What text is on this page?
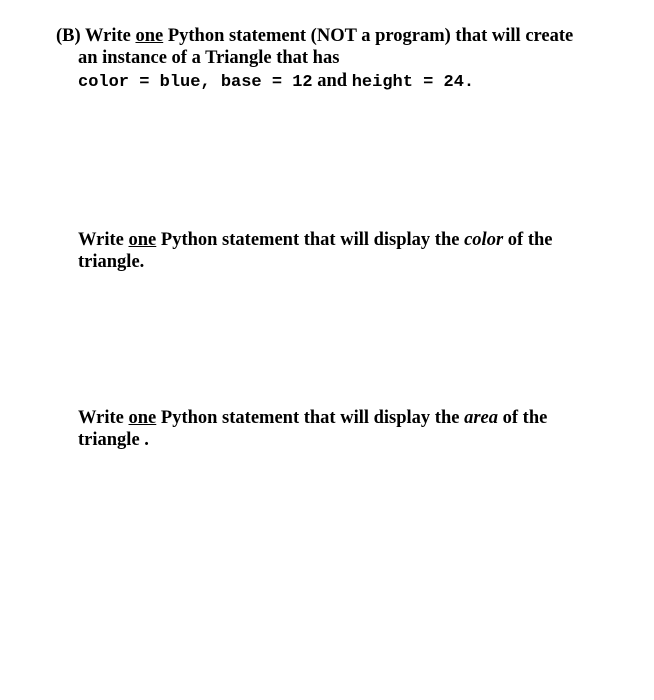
(B) Write one Python statement (NOT a program) that will create
an instance of a Triangle that has
color = blue, base = 12 and height = 24.
Write one Python statement that will display the color of the
triangle.
Write one Python statement that will display the area of the
triangle .
